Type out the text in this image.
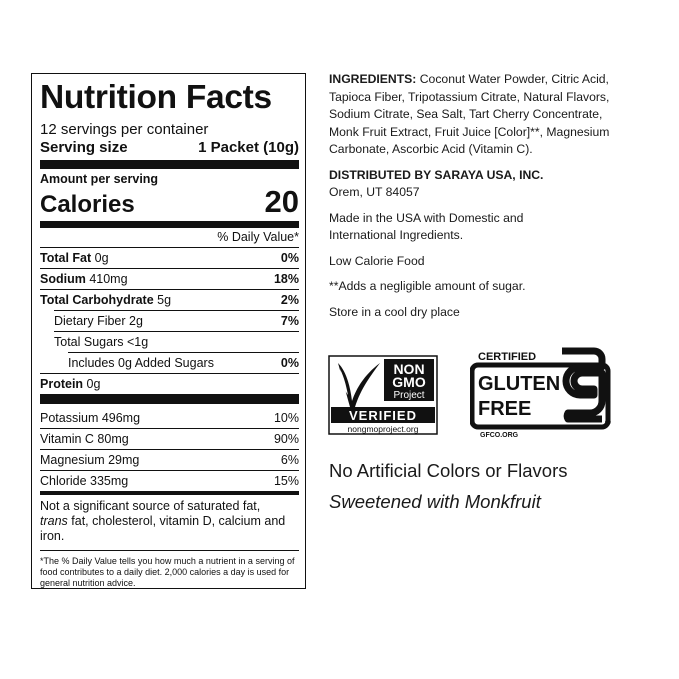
Nutrition Facts
12 servings per container
Serving size	1 Packet (10g)
Amount per serving
Calories	20
% Daily Value*
Total Fat 0g	0%
Sodium 410mg	18%
Total Carbohydrate 5g	2%
Dietary Fiber 2g	7%
Total Sugars <1g
Includes 0g Added Sugars	0%
Protein 0g
Potassium 496mg	10%
Vitamin C 80mg	90%
Magnesium 29mg	6%
Chloride 335mg	15%
Not a significant source of saturated fat,
trans fat, cholesterol, vitamin D, calcium and iron.
*The % Daily Value tells you how much a nutrient in a serving of food contributes to a daily diet. 2,000 calories a day is used for general nutrition advice.

INGREDIENTS: Coconut Water Powder, Citric Acid, Tapioca Fiber, Tripotassium Citrate, Natural Flavors, Sodium Citrate, Sea Salt, Tart Cherry Concentrate, Monk Fruit Extract, Fruit Juice [Color]**, Magnesium Carbonate, Ascorbic Acid (Vitamin C).

DISTRIBUTED BY SARAYA USA, INC.

Orem, UT 84057

Made in the USA with Domestic and International Ingredients.

Low Calorie Food

**Adds a negligible amount of sugar.

Store in a cool dry place

NON
GMO
Project
VERIFIED
nongmoproject.org
CERTIFIED
GLUTEN
FREE
®
GFCO.ORG
No Artificial Colors or Flavors
Sweetened with Monkfruit
